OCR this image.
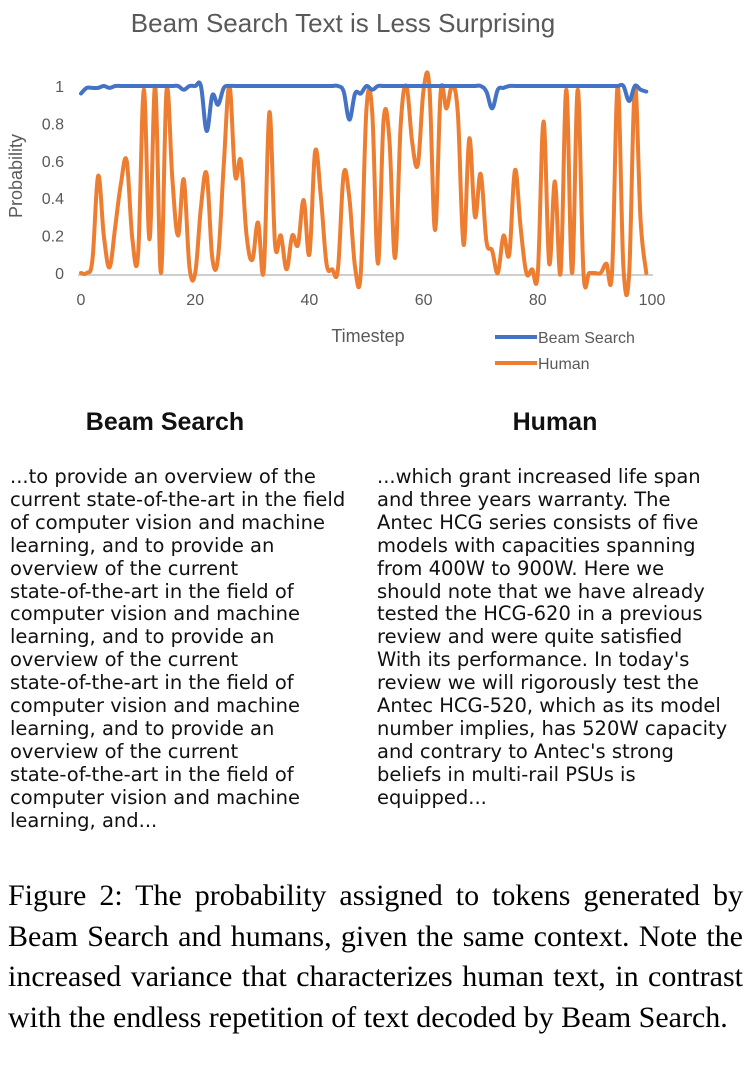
Beam Search Text is Less Surprising
0
0.2
0.4
0.6
0.8
1
0	20	40	60	80	100
Timestep
Probability
Beam Search
Human
Beam Search	Human

...to provide an overview of the
current state-of-the-art in the field
of computer vision and machine
learning, and to provide an
overview of the current
state-of-the-art in the field of
computer vision and machine
learning, and to provide an
overview of the current
state-of-the-art in the field of
computer vision and machine
learning, and to provide an
overview of the current
state-of-the-art in the field of
computer vision and machine
learning, and...

...which grant increased life span
and three years warranty. The
Antec HCG series consists of five
models with capacities spanning
from 400W to 900W. Here we
should note that we have already
tested the HCG-620 in a previous
review and were quite satisfied
With its performance. In today's
review we will rigorously test the
Antec HCG-520, which as its model
number implies, has 520W capacity
and contrary to Antec's strong
beliefs in multi-rail PSUs is
equipped...

Figure 2: The probability assigned to tokens generated by Beam Search and humans, given the same context. Note the increased variance that characterizes human text, in contrast with the endless repetition of text decoded by Beam Search.
